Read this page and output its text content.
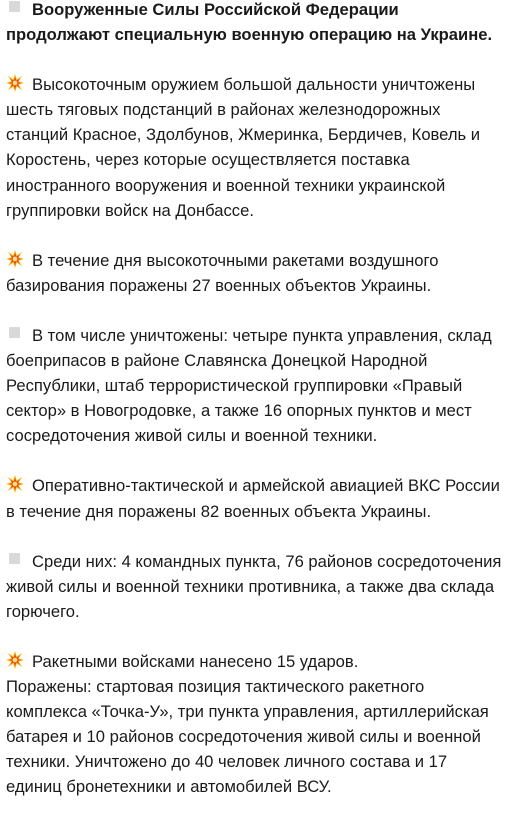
Вооруженные Силы Российской Федерации продолжают специальную военную операцию на Украине.

Высокоточным оружием большой дальности уничтожены шесть тяговых подстанций в районах железнодорожных станций Красное, Здолбунов, Жмеринка, Бердичев, Ковель и Коростень, через которые осуществляется поставка иностранного вооружения и военной техники украинской группировки войск на Донбассе.

В течение дня высокоточными ракетами воздушного базирования поражены 27 военных объектов Украины.

В том числе уничтожены: четыре пункта управления, склад боеприпасов в районе Славянска Донецкой Народной Республики, штаб террористической группировки «Правый сектор» в Новогродовке, а также 16 опорных пунктов и мест сосредоточения живой силы и военной техники.

Оперативно-тактической и армейской авиацией ВКС России в течение дня поражены 82 военных объекта Украины.

Среди них: 4 командных пункта, 76 районов сосредоточения живой силы и военной техники противника, а также два склада горючего.

Ракетными войсками нанесено 15 ударов.
Поражены: стартовая позиция тактического ракетного комплекса «Точка-У», три пункта управления, артиллерийская батарея и 10 районов сосредоточения живой силы и военной техники. Уничтожено до 40 человек личного состава и 17 единиц бронетехники и автомобилей ВСУ.
